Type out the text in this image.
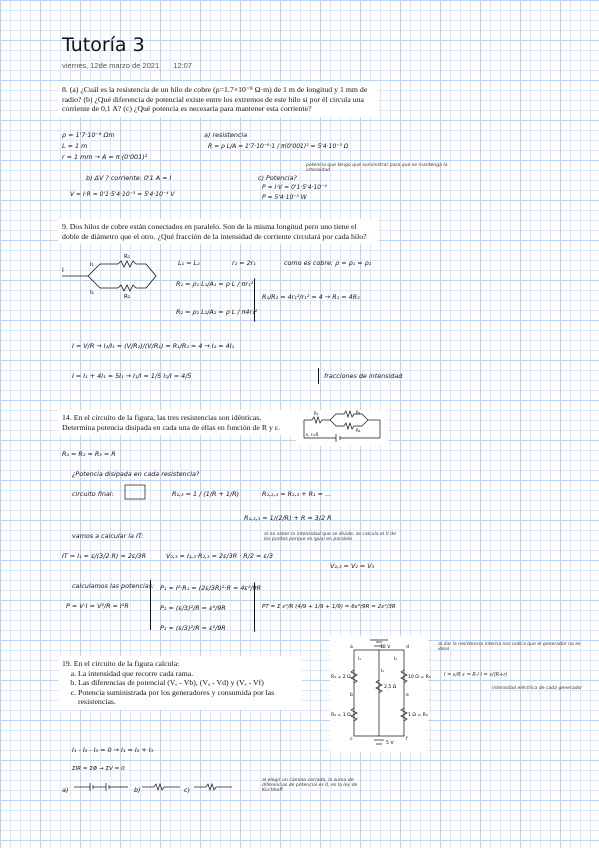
Tutoría 3
viernes, 12de marzo de 2021 12:07
8. (a) ¿Cuál es la resistencia de un hilo de cobre (ρ=1.7×10⁻⁸ Ω·m) de 1 m de longitud y 1 mm de radio? (b) ¿Qué diferencia de potencial existe entre los extremos de este hilo si por él circula una corriente de 0,1 A? (c) ¿Qué potencia es necesaria para mantener esta corriente?
ρ = 1'7·10⁻⁸ Ωm
L = 1 m
r = 1 mm → A = π (0'001)²
a) resistencia
R = ρ L/A = 1'7·10⁻⁸·1 / π(0'001)² = 5'4·10⁻³ Ω
b) ΔV ? corriente: 0'1 A = I
V = I·R = 0'1·5'4·10⁻³ = 5'4·10⁻⁴ V
c) Potencia?
P = I·V = 0'1·5'4·10⁻⁴
P = 5'4·10⁻⁵ W
potencia que tengo que suministrar para que se mantenga la intensidad
9. Dos hilos de cobre están conectados en paralelo. Son de la misma longitud pero uno tiene el doble de diámetro que el otro. ¿Qué fracción de la intensidad de corriente circulará por cada hilo?
I
I₁
I₂
R₁
R₂
L₁ = L₂	r₂ = 2r₁	como es cobre: ρ = ρ₁ = ρ₂
R₁ = ρ₁ L₁/A₁ = ρ L / πr₁²
R₂ = ρ₂ L₂/A₂ = ρ L / π4r₁²
R₁/R₂ = 4r₁²/r₁² = 4 → R₁ = 4R₂
I = V/R → I₂/I₁ = (V/R₂)/(V/R₁) = R₁/R₂ = 4 → I₂ = 4I₁
I = I₁ + 4I₁ = 5I₁ → I₁/I = 1/5 I₂/I = 4/5	fracciones de intensidad
14. En el circuito de la figura, las tres resistencias son idénticas. Determina potencia disipada en cada una de ellas en función de R y ε.
R₁	R₂
R₃
ε, r=0
R₁ = R₂ = R₃ = R
¿Potencia disipada en cada resistencia?
circuito final:	R₂,₃ = 1 / (1/R + 1/R)	R₁,₂,₃ = R₂,₃ + R₁ = ...
R₁,₂,₃ = 1/(2/R) + R = 3/2 R
vamos a calcular la IT:
IT = I₁ = ε/(3/2 R) = 2ε/3R	V₂,₃ = I₂,₃·R₂,₃ = 2ε/3R · R/2 = ε/3
V₂,₃ = V₂ = V₃
al no saber la intensidad que se divide, se calcula el V de los puntos porque es igual en paralelo
calculamos las potencias:
P = V·I = V²/R = I²R
P₁ = I²·R₁ = (2ε/3R)²·R = 4ε²/9R
P₂ = (ε/3)²/R = ε²/9R
P₃ = (ε/3)²/R = ε²/9R
PT = Σ ε²/R (4/9 + 1/9 + 1/9) = 6ε²/9R = 2ε²/3R
19. En el circuito de la figura calcula:
a. La intensidad que recorre cada rama.
b. Las diferencias de potencial (Vₑ - Vb), (Vₐ - Vd) y (Vₑ - Vf)
c. Potencia suministrada por los generadores y consumida por las resistencias.
12 V
R₁ = 2 Ω
R₂ = 1 Ω
10 Ω = R₃
1 Ω = R₄
2,5 Ω
5 V
a
b
c
d
e
f
I₁
I₂
I₃
al dar la resistencia interna nos indica que el generador no es ideal
I = ε/R ε = R·I I = ε/(R+r)
intensidad eléctrica de cada generador
I₁ - I₂ - I₃ = 0 → I₁ = I₂ + I₃
ΣIR = ΣΦ → ΣV = 0
a)	b)	c)
al elegir un camino cerrado, la suma de diferencias de potencial es 0, es la ley de Kirchhoff
